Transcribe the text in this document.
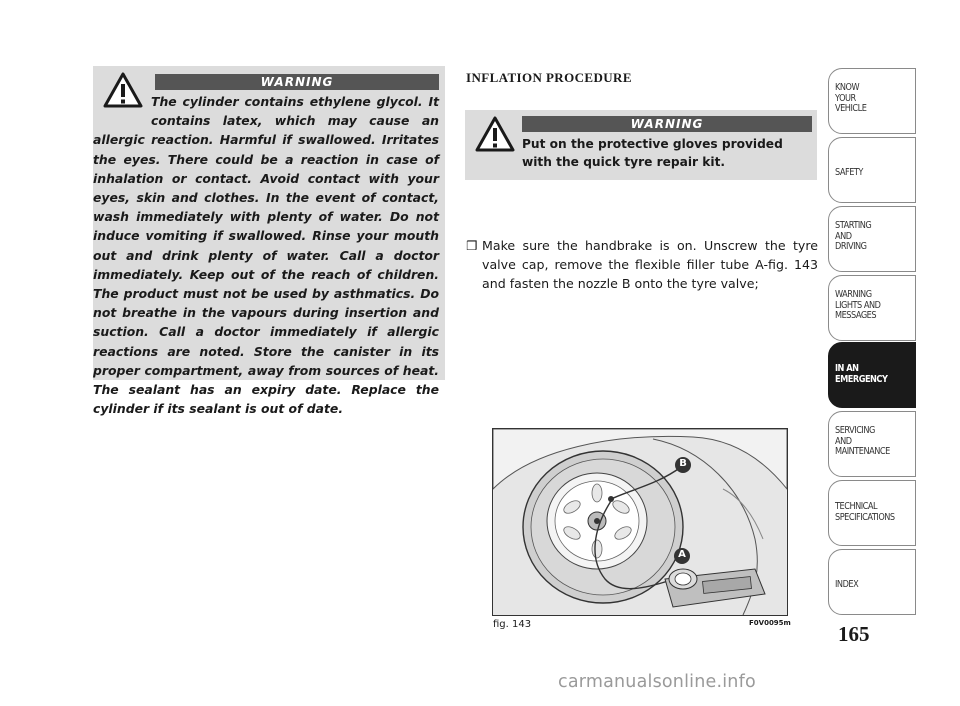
WARNING
The cylinder contains ethylene glycol. It contains latex, which may cause an allergic reaction. Harmful if swallowed. Irritates the eyes. There could be a reaction in case of inhalation or contact. Avoid contact with your eyes, skin and clothes. In the event of contact, wash immediately with plenty of water. Do not induce vomiting if swallowed. Rinse your mouth out and drink plenty of water. Call a doctor immediately. Keep out of the reach of children. The product must not be used by asthmatics. Do not breathe in the vapours during insertion and suction. Call a doctor immediately if allergic reactions are noted. Store the canister in its proper compartment, away from sources of heat. The sealant has an expiry date. Replace the cylinder if its sealant is out of date.
INFLATION PROCEDURE
WARNING
Put on the protective gloves provided with the quick tyre repair kit.
❒ Make sure the handbrake is on. Unscrew the tyre valve cap, remove the flexible filler tube A-fig. 143 and fasten the nozzle B onto the tyre valve;
B
A
fig. 143	F0V0095m
KNOW
YOUR
VEHICLE
SAFETY
STARTING
AND
DRIVING
WARNING
LIGHTS AND
MESSAGES
IN AN
EMERGENCY
SERVICING
AND
MAINTENANCE
TECHNICAL
SPECIFICATIONS
INDEX
165
carmanualsonline.info
